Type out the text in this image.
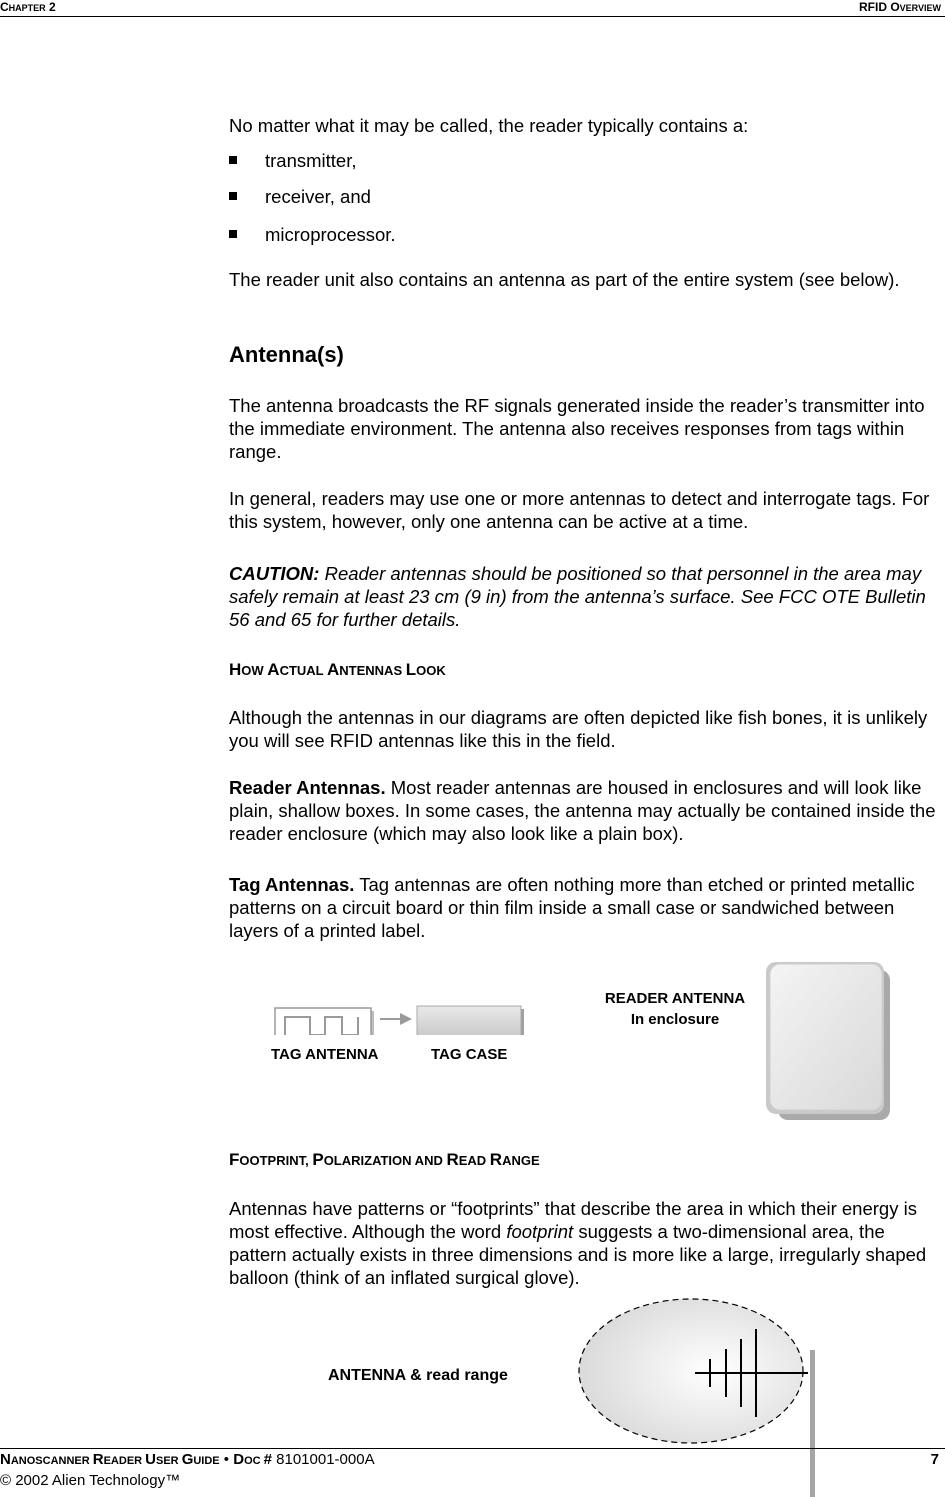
CHAPTER 2	RFID OVERVIEW
No matter what it may be called, the reader typically contains a:
transmitter,
receiver, and
microprocessor.
The reader unit also contains an antenna as part of the entire system (see below).
Antenna(s)
The antenna broadcasts the RF signals generated inside the reader’s transmitter into the immediate environment. The antenna also receives responses from tags within range.
In general, readers may use one or more antennas to detect and interrogate tags. For this system, however, only one antenna can be active at a time.
CAUTION: Reader antennas should be positioned so that personnel in the area may safely remain at least 23 cm (9 in) from the antenna’s surface. See FCC OTE Bulletin 56 and 65 for further details.
HOW ACTUAL ANTENNAS LOOK
Although the antennas in our diagrams are often depicted like fish bones, it is unlikely you will see RFID antennas like this in the field.
Reader Antennas. Most reader antennas are housed in enclosures and will look like plain, shallow boxes. In some cases, the antenna may actually be contained inside the reader enclosure (which may also look like a plain box).
Tag Antennas. Tag antennas are often nothing more than etched or printed metallic patterns on a circuit board or thin film inside a small case or sandwiched between layers of a printed label.
TAG ANTENNA	TAG CASE
READER ANTENNA
In enclosure
FOOTPRINT, POLARIZATION AND READ RANGE
Antennas have patterns or “footprints” that describe the area in which their energy is most effective. Although the word footprint suggests a two-dimensional area, the pattern actually exists in three dimensions and is more like a large, irregularly shaped balloon (think of an inflated surgical glove).
ANTENNA & read range
NANOSCANNER READER USER GUIDE • DOC # 8101001-000A	7
© 2002 Alien Technology™
